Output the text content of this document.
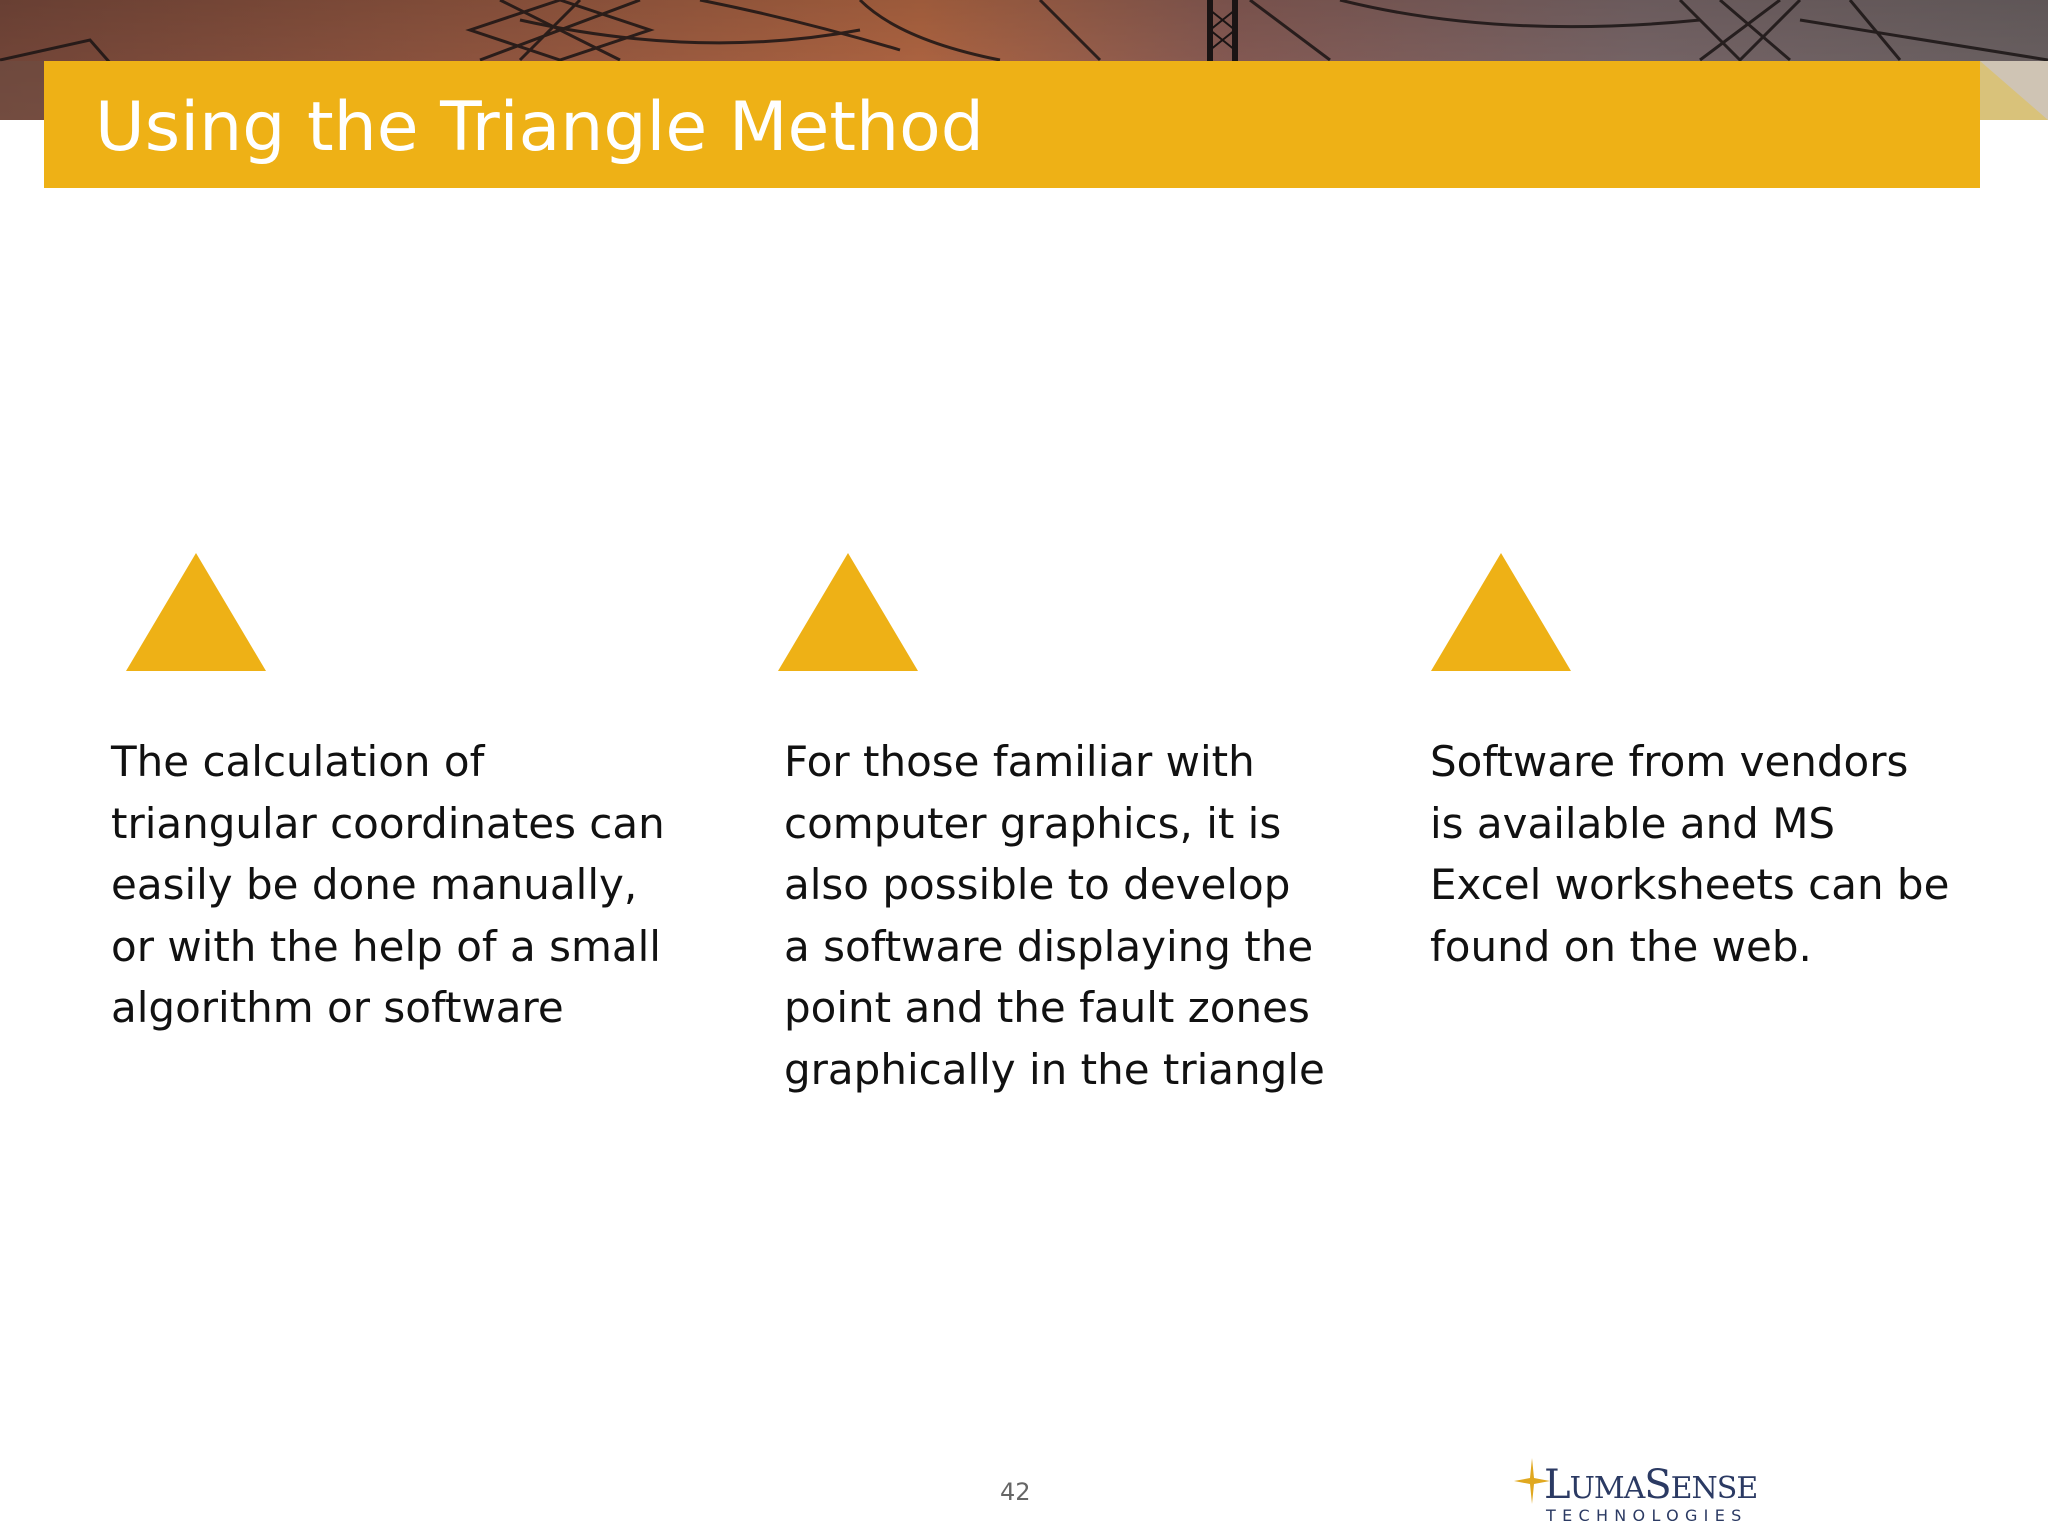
Using the Triangle Method
The calculation of
triangular coordinates can
easily be done manually,
or with the help of a small
algorithm or software
For those familiar with
computer graphics, it is
also possible to develop
a software displaying the
point and the fault zones
graphically in the triangle
Software from vendors
is available and MS
Excel worksheets can be
found on the web.
42	LUMASENSE
TECHNOLOGIES
